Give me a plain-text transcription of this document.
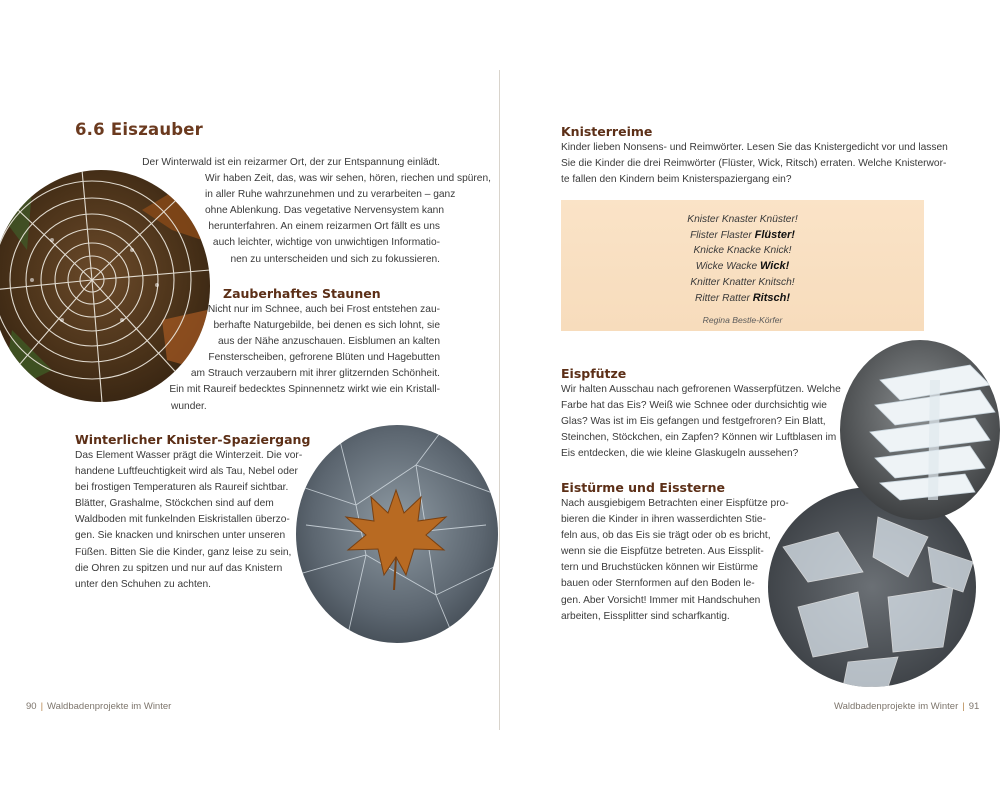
6.6 Eiszauber
Der Winterwald ist ein reizarmer Ort, der zur Entspannung einlädt.
Wir haben Zeit, das, was wir sehen, hören, riechen und spüren,
in aller Ruhe wahrzunehmen und zu verarbeiten – ganz
ohne Ablenkung. Das vegetative Nervensystem kann
herunterfahren. An einem reizarmen Ort fällt es uns
auch leichter, wichtige von unwichtigen Informatio-
nen zu unterscheiden und sich zu fokussieren.
Zauberhaftes Staunen
Nicht nur im Schnee, auch bei Frost entstehen zau-
berhafte Naturgebilde, bei denen es sich lohnt, sie
aus der Nähe anzuschauen. Eisblumen an kalten
Fensterscheiben, gefrorene Blüten und Hagebutten
am Strauch verzaubern mit ihrer glitzernden Schönheit.
Ein mit Raureif bedecktes Spinnennetz wirkt wie ein Kristall-
wunder.
Winterlicher Knister-Spaziergang
Das Element Wasser prägt die Winterzeit. Die vor-
handene Luftfeuchtigkeit wird als Tau, Nebel oder
bei frostigen Temperaturen als Raureif sichtbar.
Blätter, Grashalme, Stöckchen sind auf dem
Waldboden mit funkelnden Eiskristallen überzo-
gen. Sie knacken und knirschen unter unseren
Füßen. Bitten Sie die Kinder, ganz leise zu sein,
die Ohren zu spitzen und nur auf das Knistern
unter den Schuhen zu achten.
90 | Waldbadenprojekte im Winter
Knisterreime
Kinder lieben Nonsens- und Reimwörter. Lesen Sie das Knistergedicht vor und lassen
Sie die Kinder die drei Reimwörter (Flüster, Wick, Ritsch) erraten. Welche Knisterwor-
te fallen den Kindern beim Knisterspaziergang ein?
Knister Knaster Knüster!
Flister Flaster Flüster!
Knicke Knacke Knick!
Wicke Wacke Wick!
Knitter Knatter Knitsch!
Ritter Ratter Ritsch!
Regina Bestle-Körfer
Eispfütze
Wir halten Ausschau nach gefrorenen Wasserpfützen. Welche
Farbe hat das Eis? Weiß wie Schnee oder durchsichtig wie
Glas? Was ist im Eis gefangen und festgefroren? Ein Blatt,
Steinchen, Stöckchen, ein Zapfen? Können wir Luftblasen im
Eis entdecken, die wie kleine Glaskugeln aussehen?
Eistürme und Eissterne
Nach ausgiebigem Betrachten einer Eispfütze pro-
bieren die Kinder in ihren wasserdichten Stie-
feln aus, ob das Eis sie trägt oder ob es bricht,
wenn sie die Eispfütze betreten. Aus Eissplit-
tern und Bruchstücken können wir Eistürme
bauen oder Sternformen auf den Boden le-
gen. Aber Vorsicht! Immer mit Handschuhen
arbeiten, Eissplitter sind scharfkantig.
Waldbadenprojekte im Winter | 91
